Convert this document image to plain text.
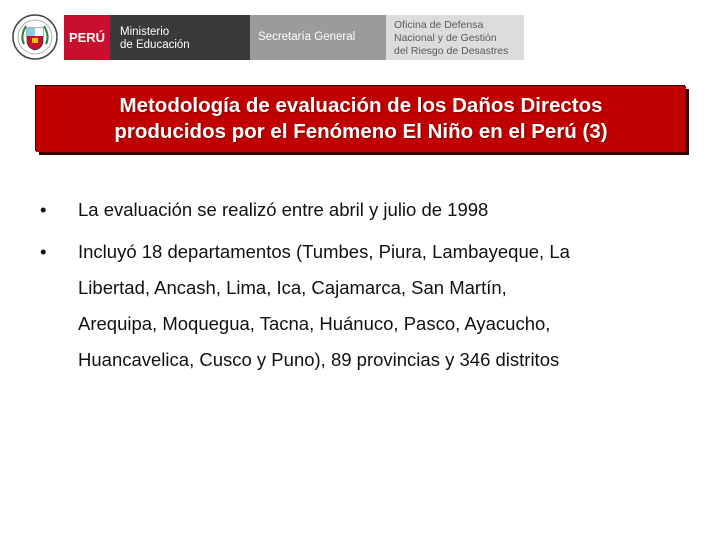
PERÚ Ministerio
de Educación
Secretaría General
Oficina de Defensa
Nacional y de Gestión
del Riesgo de Desastres
Metodología de evaluación de los Daños Directos
producidos por el Fenómeno El Niño en el Perú (3)
• La evaluación se realizó entre abril y julio de 1998
• Incluyó 18 departamentos (Tumbes, Piura, Lambayeque, La
Libertad, Ancash, Lima, Ica, Cajamarca, San Martín,
Arequipa, Moquegua, Tacna, Huánuco, Pasco, Ayacucho,
Huancavelica, Cusco y Puno), 89 provincias y 346 distritos
